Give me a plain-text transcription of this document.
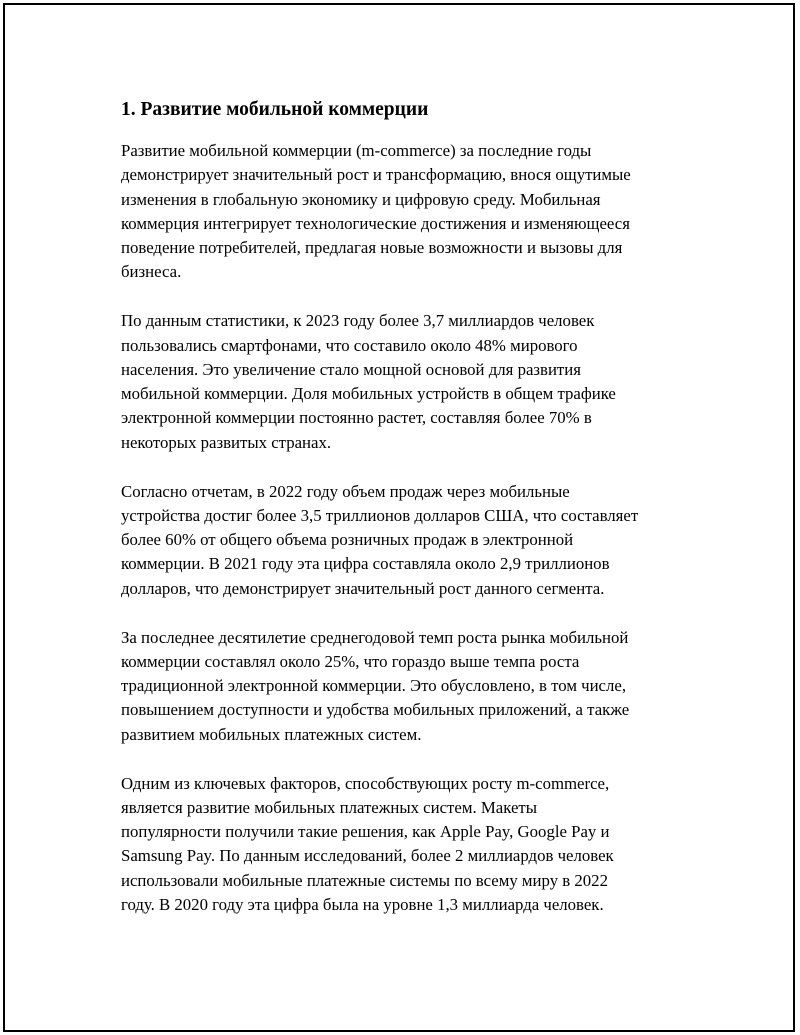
1. Развитие мобильной коммерции

Развитие мобильной коммерции (m-commerce) за последние годы
демонстрирует значительный рост и трансформацию, внося ощутимые
изменения в глобальную экономику и цифровую среду. Мобильная
коммерция интегрирует технологические достижения и изменяющееся
поведение потребителей, предлагая новые возможности и вызовы для
бизнеса.

По данным статистики, к 2023 году более 3,7 миллиардов человек
пользовались смартфонами, что составило около 48% мирового
населения. Это увеличение стало мощной основой для развития
мобильной коммерции. Доля мобильных устройств в общем трафике
электронной коммерции постоянно растет, составляя более 70% в
некоторых развитых странах.

Согласно отчетам, в 2022 году объем продаж через мобильные
устройства достиг более 3,5 триллионов долларов США, что составляет
более 60% от общего объема розничных продаж в электронной
коммерции. В 2021 году эта цифра составляла около 2,9 триллионов
долларов, что демонстрирует значительный рост данного сегмента.

За последнее десятилетие среднегодовой темп роста рынка мобильной
коммерции составлял около 25%, что гораздо выше темпа роста
традиционной электронной коммерции. Это обусловлено, в том числе,
повышением доступности и удобства мобильных приложений, а также
развитием мобильных платежных систем.

Одним из ключевых факторов, способствующих росту m-commerce,
является развитие мобильных платежных систем. Макеты
популярности получили такие решения, как Apple Pay, Google Pay и
Samsung Pay. По данным исследований, более 2 миллиардов человек
использовали мобильные платежные системы по всему миру в 2022
году. В 2020 году эта цифра была на уровне 1,3 миллиарда человек.
